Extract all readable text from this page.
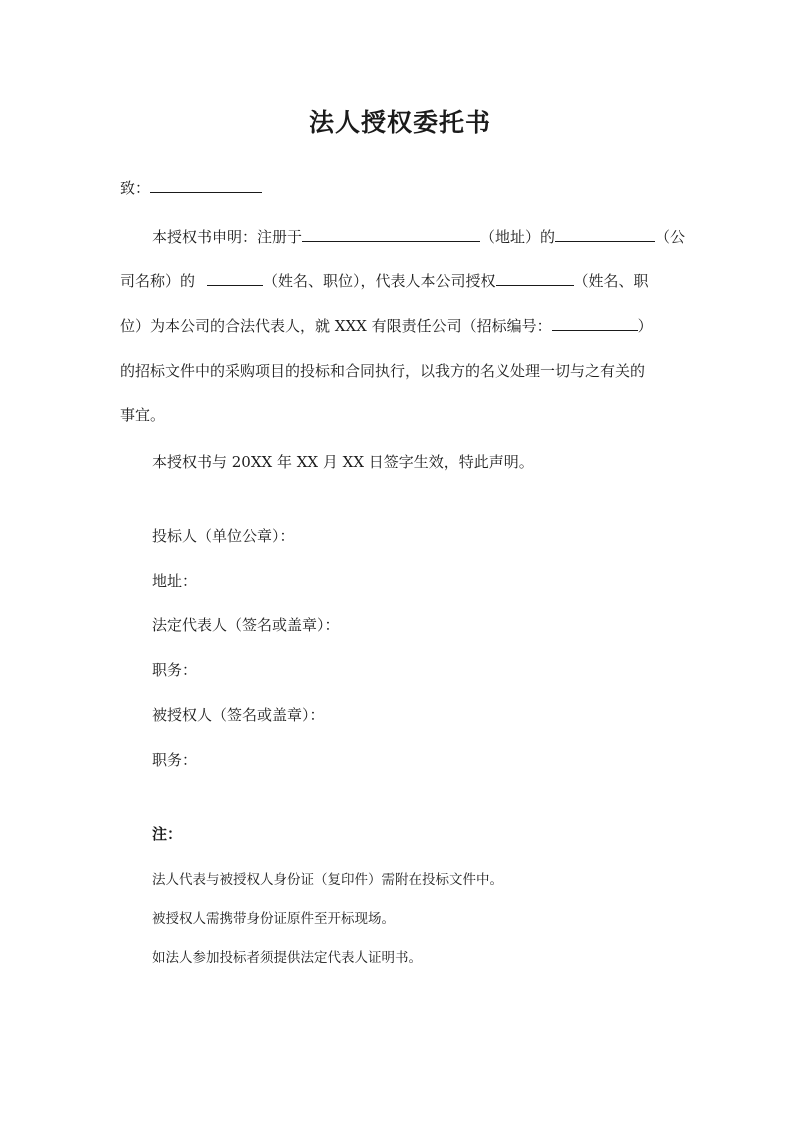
法人授权委托书
致：
本授权书申明：注册于	（地址）的	（公
司名称）的	（姓名、职位），代表人本公司授权	（姓名、职
位）为本公司的合法代表人，就 XXX 有限责任公司（招标编号：	）
的招标文件中的采购项目的投标和合同执行，以我方的名义处理一切与之有关的
事宜。
本授权书与 20XX 年 XX 月 XX 日签字生效，特此声明。
投标人（单位公章）：
地址：
法定代表人（签名或盖章）：
职务：
被授权人（签名或盖章）：
职务：
注：
法人代表与被授权人身份证（复印件）需附在投标文件中。
被授权人需携带身份证原件至开标现场。
如法人参加投标者须提供法定代表人证明书。
